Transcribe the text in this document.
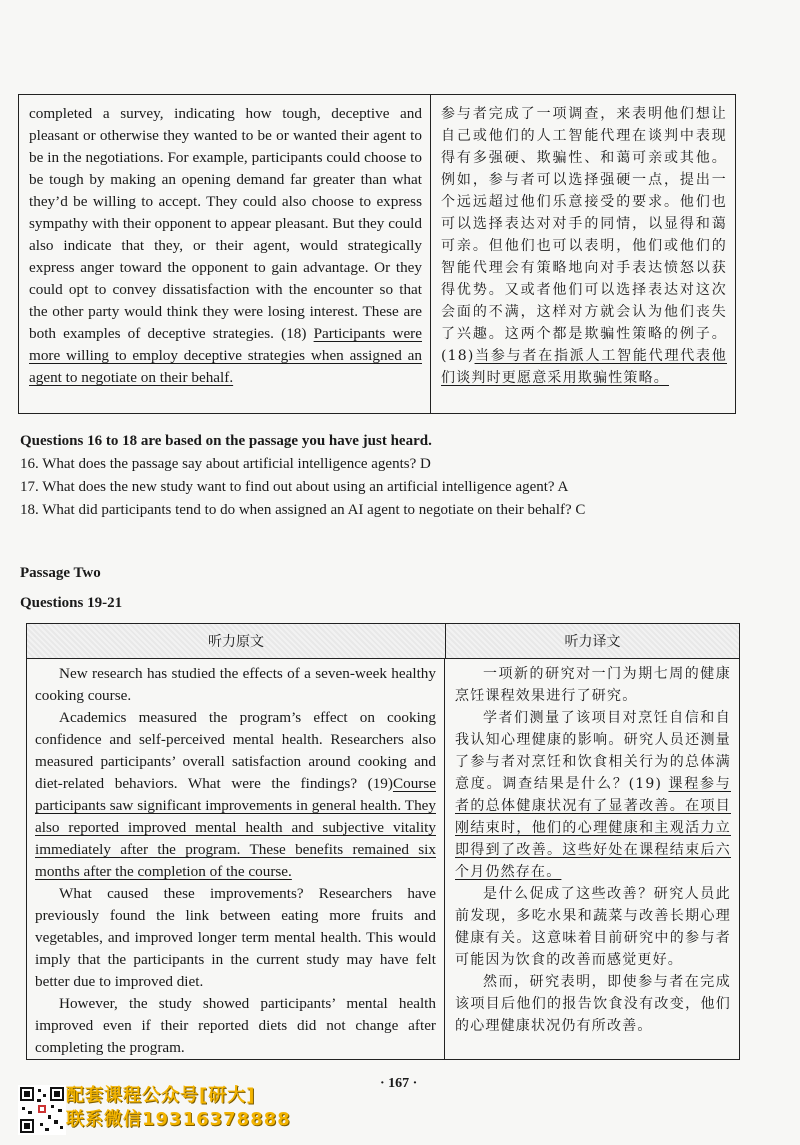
completed a survey, indicating how tough, deceptive and pleasant or otherwise they wanted to be or wanted their agent to be in the negotiations. For example, participants could choose to be tough by making an opening demand far greater than what they’d be willing to accept. They could also choose to express sympathy with their opponent to appear pleasant. But they could also indicate that they, or their agent, would strategically express anger toward the opponent to gain advantage. Or they could opt to convey dissatisfaction with the encounter so that the other party would think they were losing interest. These are both examples of deceptive strategies. (18) Participants were more willing to employ deceptive strategies when assigned an agent to negotiate on their behalf.
参与者完成了一项调查，来表明他们想让自己或他们的人工智能代理在谈判中表现得有多强硬、欺骗性、和蔼可亲或其他。例如，参与者可以选择强硬一点，提出一个远远超过他们乐意接受的要求。他们也可以选择表达对对手的同情，以显得和蔼可亲。但他们也可以表明，他们或他们的智能代理会有策略地向对手表达愤怒以获得优势。又或者他们可以选择表达对这次会面的不满，这样对方就会认为他们丧失了兴趣。这两个都是欺骗性策略的例子。(18)当参与者在指派人工智能代理代表他们谈判时更愿意采用欺骗性策略。
Questions 16 to 18 are based on the passage you have just heard.
16. What does the passage say about artificial intelligence agents? D
17. What does the new study want to find out about using an artificial intelligence agent? A
18. What did participants tend to do when assigned an AI agent to negotiate on their behalf? C
Passage Two
Questions 19-21
听力原文	听力译文

New research has studied the effects of a seven-week healthy cooking course.

Academics measured the program’s effect on cooking confidence and self-perceived mental health. Researchers also measured participants’ overall satisfaction around cooking and diet-related behaviors. What were the findings? (19)Course participants saw significant improvements in general health. They also reported improved mental health and subjective vitality immediately after the program. These benefits remained six months after the completion of the course.

What caused these improvements? Researchers have previously found the link between eating more fruits and vegetables, and improved longer term mental health. This would imply that the participants in the current study may have felt better due to improved diet.

However, the study showed participants’ mental health improved even if their reported diets did not change after completing the program.

一项新的研究对一门为期七周的健康烹饪课程效果进行了研究。

学者们测量了该项目对烹饪自信和自我认知心理健康的影响。研究人员还测量了参与者对烹饪和饮食相关行为的总体满意度。调查结果是什么？(19) 课程参与者的总体健康状况有了显著改善。在项目刚结束时，他们的心理健康和主观活力立即得到了改善。这些好处在课程结束后六个月仍然存在。

是什么促成了这些改善？研究人员此前发现，多吃水果和蔬菜与改善长期心理健康有关。这意味着目前研究中的参与者可能因为饮食的改善而感觉更好。

然而，研究表明，即使参与者在完成该项目后他们的报告饮食没有改变，他们的心理健康状况仍有所改善。

· 167 ·
配套课程公众号[研大]
联系微信19316378888
